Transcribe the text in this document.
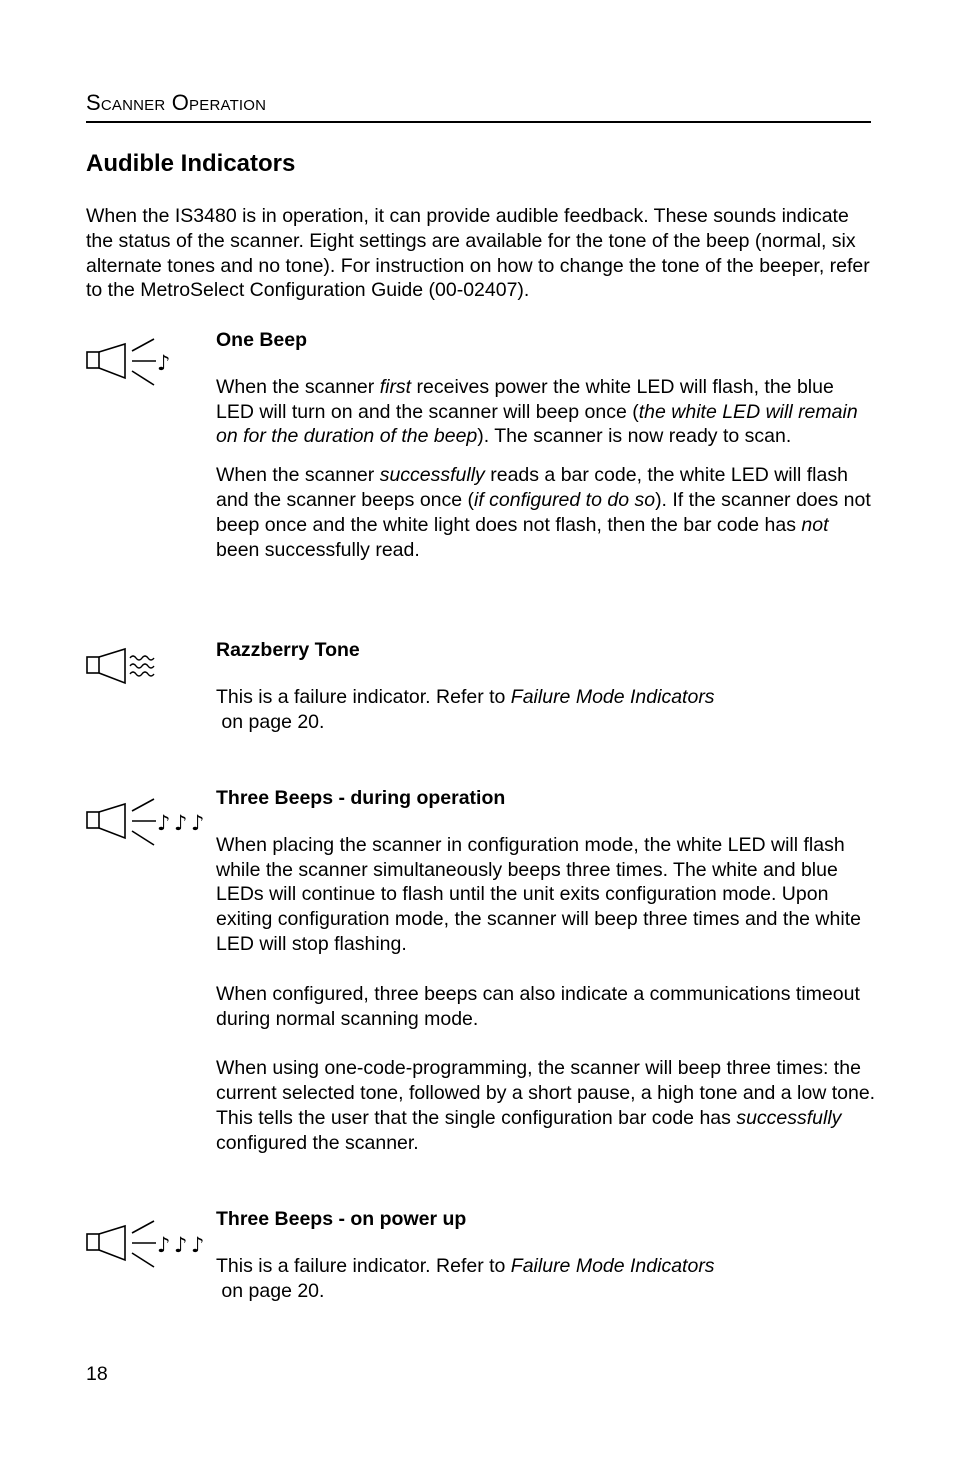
Scanner Operation
Audible Indicators

When the IS3480 is in operation, it can provide audible feedback. These sounds indicate the status of the scanner. Eight settings are available for the tone of the beep (normal, six alternate tones and no tone). For instruction on how to change the tone of the beeper, refer to the MetroSelect Configuration Guide (00-02407).

♪
One Beep

When the scanner first receives power the white LED will flash, the blue LED will turn on and the scanner will beep once (the white LED will remain on for the duration of the beep). The scanner is now ready to scan.

When the scanner successfully reads a bar code, the white LED will flash and the scanner beeps once (if configured to do so). If the scanner does not beep once and the white light does not flash, then the bar code has not been successfully read.

Razzberry Tone

This is a failure indicator. Refer to Failure Mode Indicators
on page 20.

♪ ♪ ♪
Three Beeps - during operation

When placing the scanner in configuration mode, the white LED will flash while the scanner simultaneously beeps three times. The white and blue LEDs will continue to flash until the unit exits configuration mode. Upon exiting configuration mode, the scanner will beep three times and the white LED will stop flashing.

When configured, three beeps can also indicate a communications timeout during normal scanning mode.

When using one-code-programming, the scanner will beep three times: the current selected tone, followed by a short pause, a high tone and a low tone. This tells the user that the single configuration bar code has successfully configured the scanner.

♪ ♪ ♪
Three Beeps - on power up

This is a failure indicator. Refer to Failure Mode Indicators
on page 20.

18
